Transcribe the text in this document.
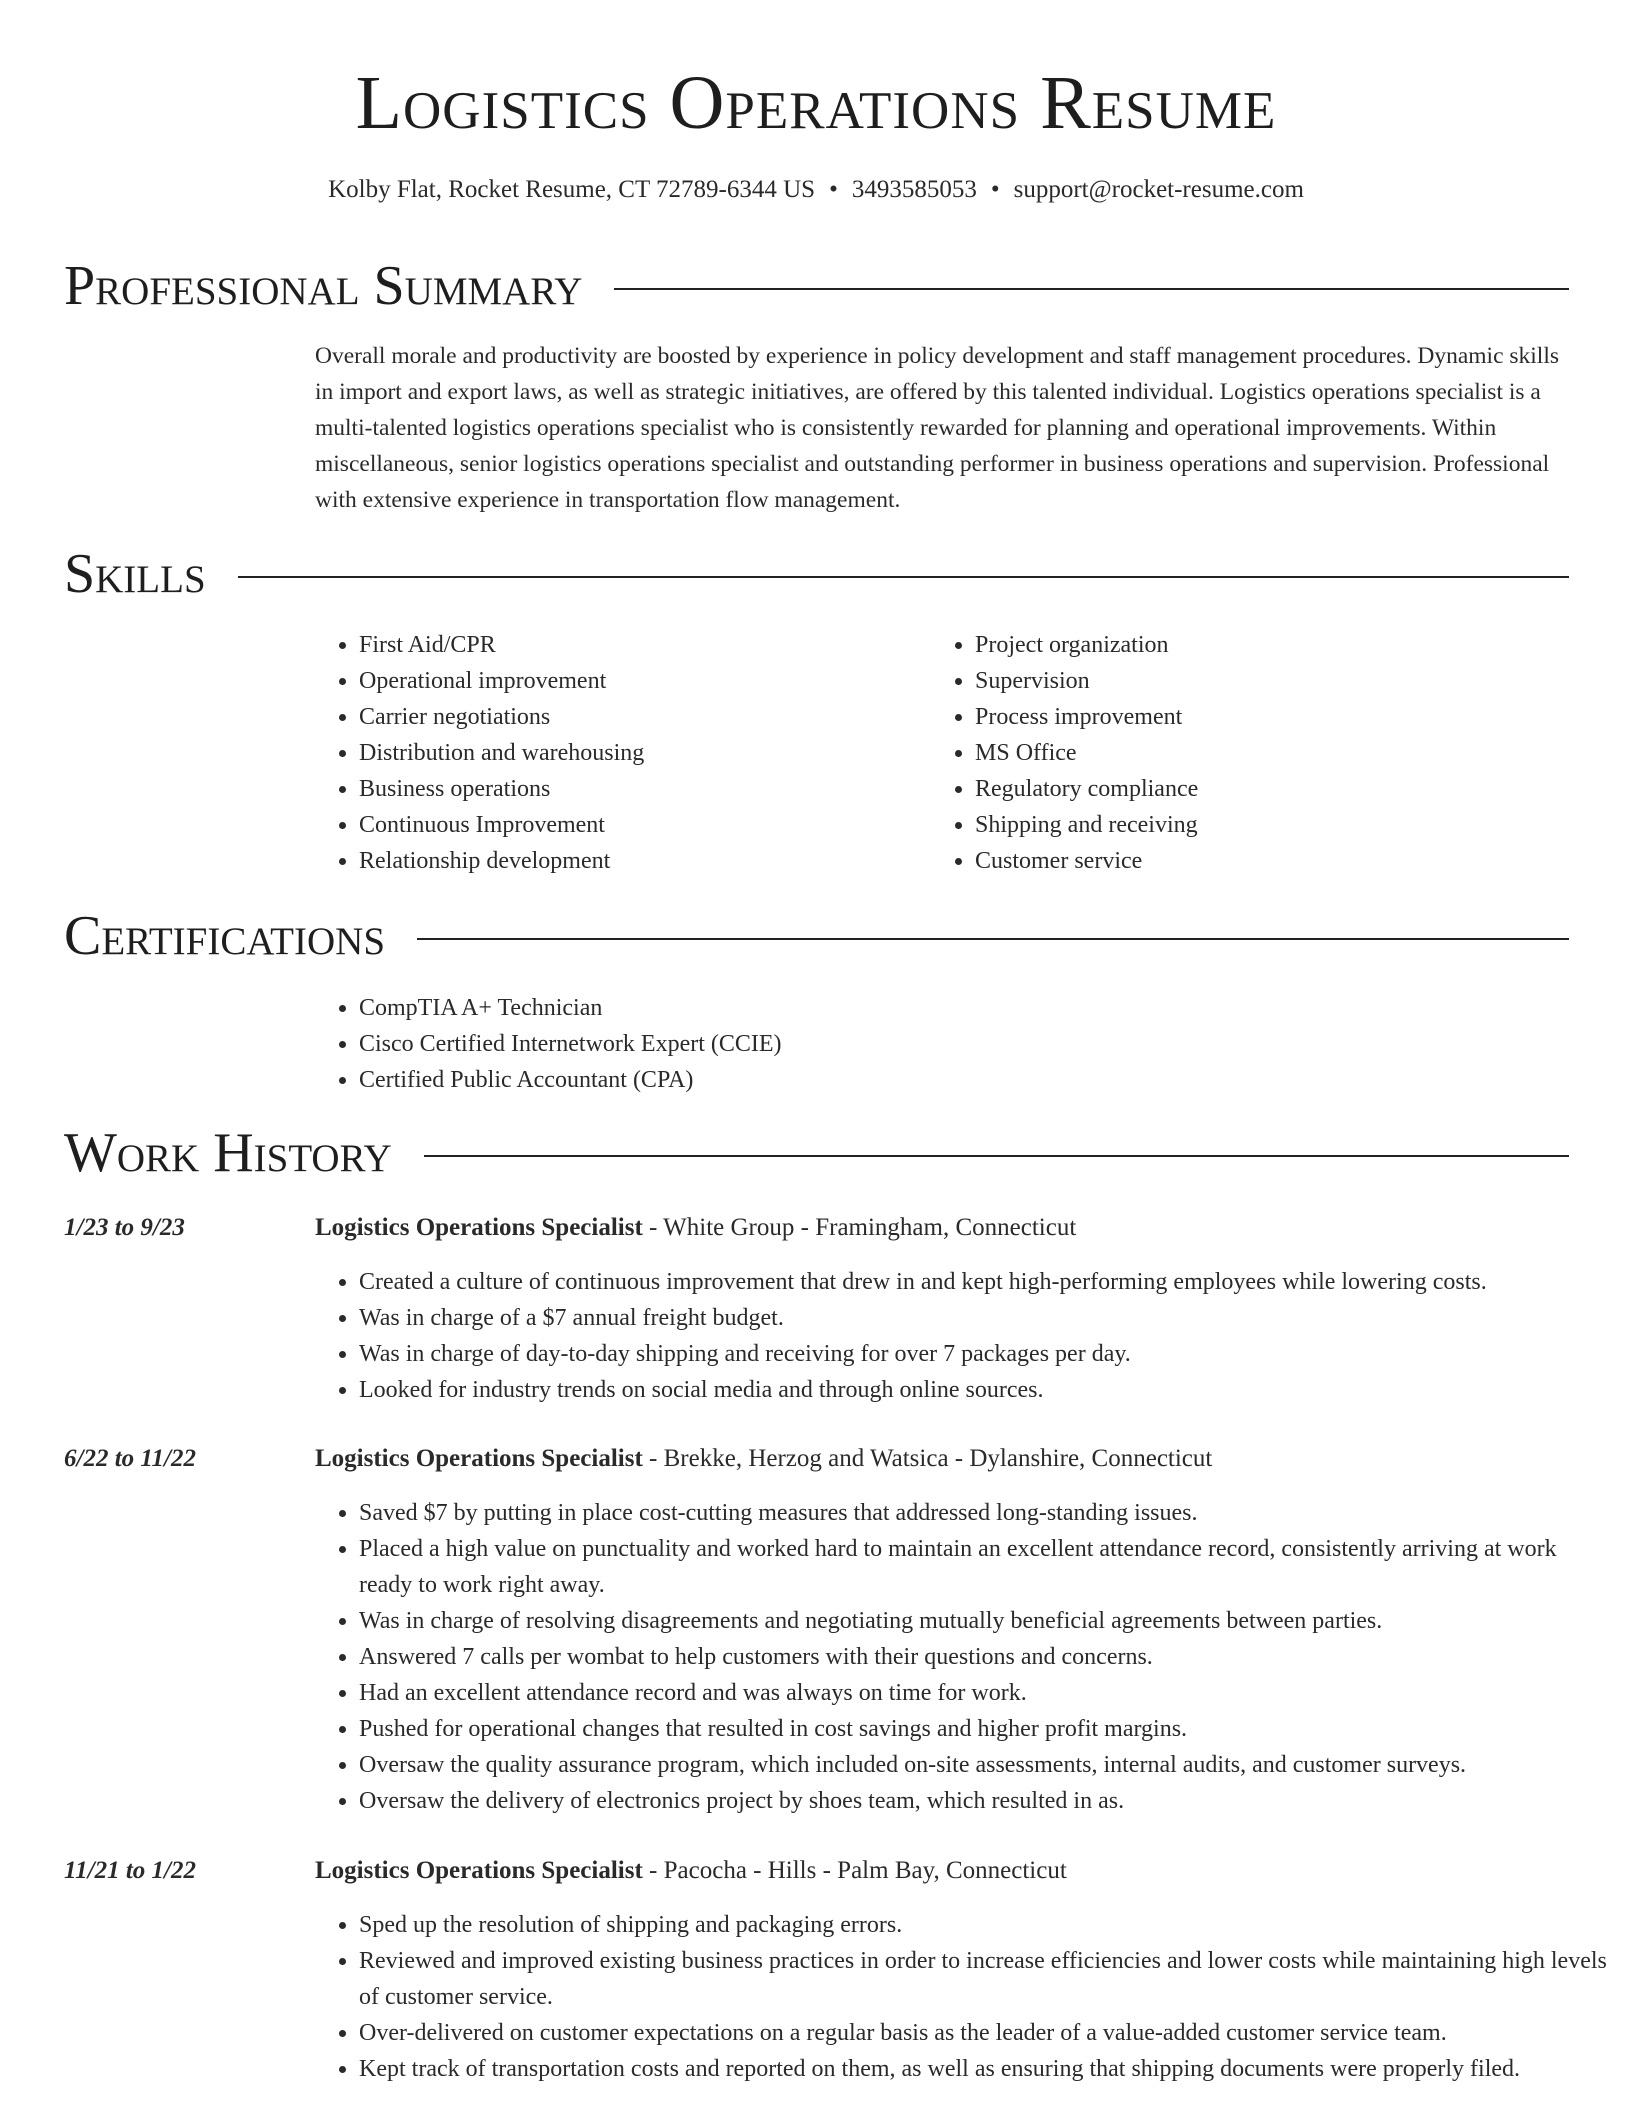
Logistics Operations Resume
Kolby Flat, Rocket Resume, CT 72789-6344 US • 3493585053 • support@rocket-resume.com
Professional Summary

Overall morale and productivity are boosted by experience in policy development and staff management procedures. Dynamic skills in import and export laws, as well as strategic initiatives, are offered by this talented individual. Logistics operations specialist is a multi-talented logistics operations specialist who is consistently rewarded for planning and operational improvements. Within miscellaneous, senior logistics operations specialist and outstanding performer in business operations and supervision. Professional with extensive experience in transportation flow management.

Skills
• First Aid/CPR
• Operational improvement
• Carrier negotiations
• Distribution and warehousing
• Business operations
• Continuous Improvement
• Relationship development
• Project organization
• Supervision
• Process improvement
• MS Office
• Regulatory compliance
• Shipping and receiving
• Customer service
Certifications
• CompTIA A+ Technician
• Cisco Certified Internetwork Expert (CCIE)
• Certified Public Accountant (CPA)
Work History
1/23 to 9/23	Logistics Operations Specialist - White Group - Framingham, Connecticut
• Created a culture of continuous improvement that drew in and kept high-performing employees while lowering costs.
• Was in charge of a $7 annual freight budget.
• Was in charge of day-to-day shipping and receiving for over 7 packages per day.
• Looked for industry trends on social media and through online sources.
6/22 to 11/22	Logistics Operations Specialist - Brekke, Herzog and Watsica - Dylanshire, Connecticut
• Saved $7 by putting in place cost-cutting measures that addressed long-standing issues.
• Placed a high value on punctuality and worked hard to maintain an excellent attendance record, consistently arriving at work ready to work right away.
• Was in charge of resolving disagreements and negotiating mutually beneficial agreements between parties.
• Answered 7 calls per wombat to help customers with their questions and concerns.
• Had an excellent attendance record and was always on time for work.
• Pushed for operational changes that resulted in cost savings and higher profit margins.
• Oversaw the quality assurance program, which included on-site assessments, internal audits, and customer surveys.
• Oversaw the delivery of electronics project by shoes team, which resulted in as.
11/21 to 1/22	Logistics Operations Specialist - Pacocha - Hills - Palm Bay, Connecticut
• Sped up the resolution of shipping and packaging errors.
• Reviewed and improved existing business practices in order to increase efficiencies and lower costs while maintaining high levels of customer service.
• Over-delivered on customer expectations on a regular basis as the leader of a value-added customer service team.
• Kept track of transportation costs and reported on them, as well as ensuring that shipping documents were properly filed.
